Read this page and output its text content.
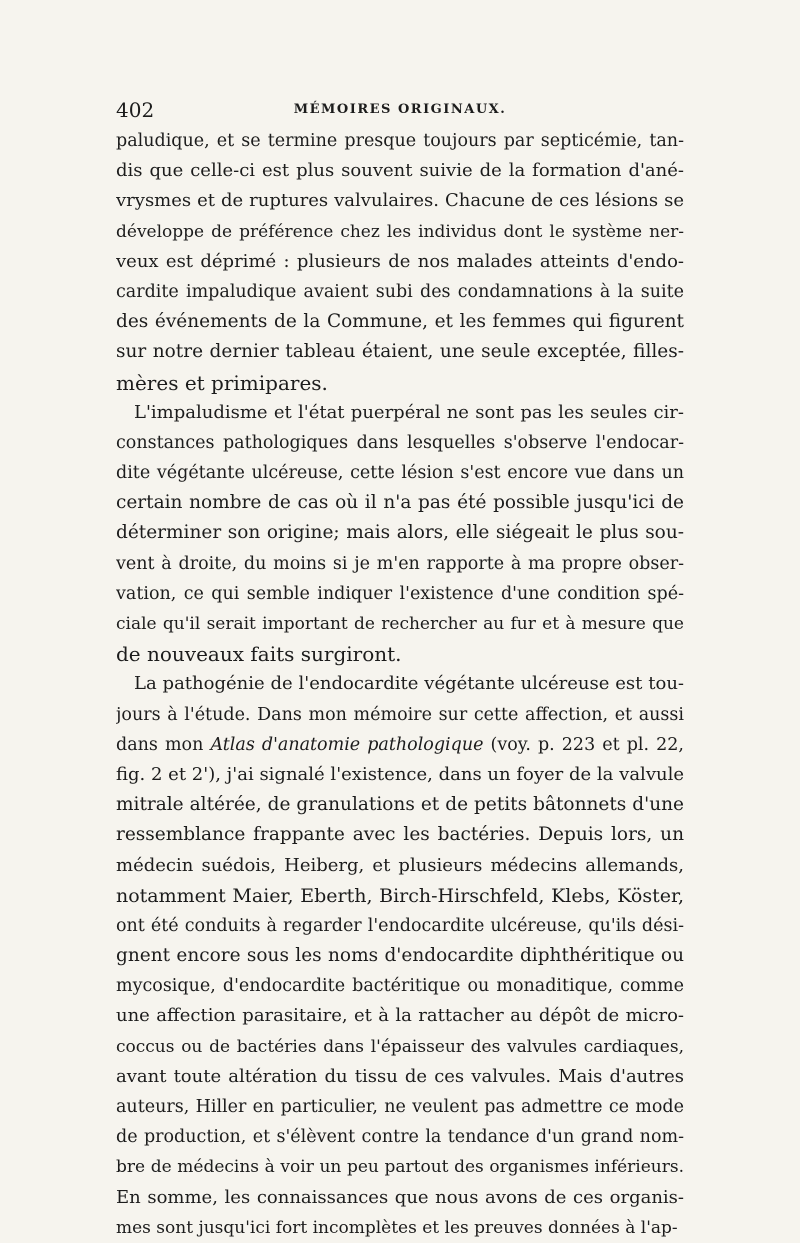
402	MÉMOIRES ORIGINAUX.
paludique, et se termine presque toujours par septicémie, tan-
dis que celle-ci est plus souvent suivie de la formation d'ané-
vrysmes et de ruptures valvulaires. Chacune de ces lésions se
développe de préférence chez les individus dont le système ner-
veux est déprimé : plusieurs de nos malades atteints d'endo-
cardite impaludique avaient subi des condamnations à la suite
des événements de la Commune, et les femmes qui figurent
sur notre dernier tableau étaient, une seule exceptée, filles-
mères et primipares.
L'impaludisme et l'état puerpéral ne sont pas les seules cir-
constances pathologiques dans lesquelles s'observe l'endocar-
dite végétante ulcéreuse, cette lésion s'est encore vue dans un
certain nombre de cas où il n'a pas été possible jusqu'ici de
déterminer son origine; mais alors, elle siégeait le plus sou-
vent à droite, du moins si je m'en rapporte à ma propre obser-
vation, ce qui semble indiquer l'existence d'une condition spé-
ciale qu'il serait important de rechercher au fur et à mesure que
de nouveaux faits surgiront.
La pathogénie de l'endocardite végétante ulcéreuse est tou-
jours à l'étude. Dans mon mémoire sur cette affection, et aussi
dans mon Atlas d'anatomie pathologique (voy. p. 223 et pl. 22,
fig. 2 et 2'), j'ai signalé l'existence, dans un foyer de la valvule
mitrale altérée, de granulations et de petits bâtonnets d'une
ressemblance frappante avec les bactéries. Depuis lors, un
médecin suédois, Heiberg, et plusieurs médecins allemands,
notamment Maier, Eberth, Birch-Hirschfeld, Klebs, Köster,
ont été conduits à regarder l'endocardite ulcéreuse, qu'ils dési-
gnent encore sous les noms d'endocardite diphthéritique ou
mycosique, d'endocardite bactéritique ou monaditique, comme
une affection parasitaire, et à la rattacher au dépôt de micro-
coccus ou de bactéries dans l'épaisseur des valvules cardiaques,
avant toute altération du tissu de ces valvules. Mais d'autres
auteurs, Hiller en particulier, ne veulent pas admettre ce mode
de production, et s'élèvent contre la tendance d'un grand nom-
bre de médecins à voir un peu partout des organismes inférieurs.
En somme, les connaissances que nous avons de ces organis-
mes sont jusqu'ici fort incomplètes et les preuves données à l'ap-
